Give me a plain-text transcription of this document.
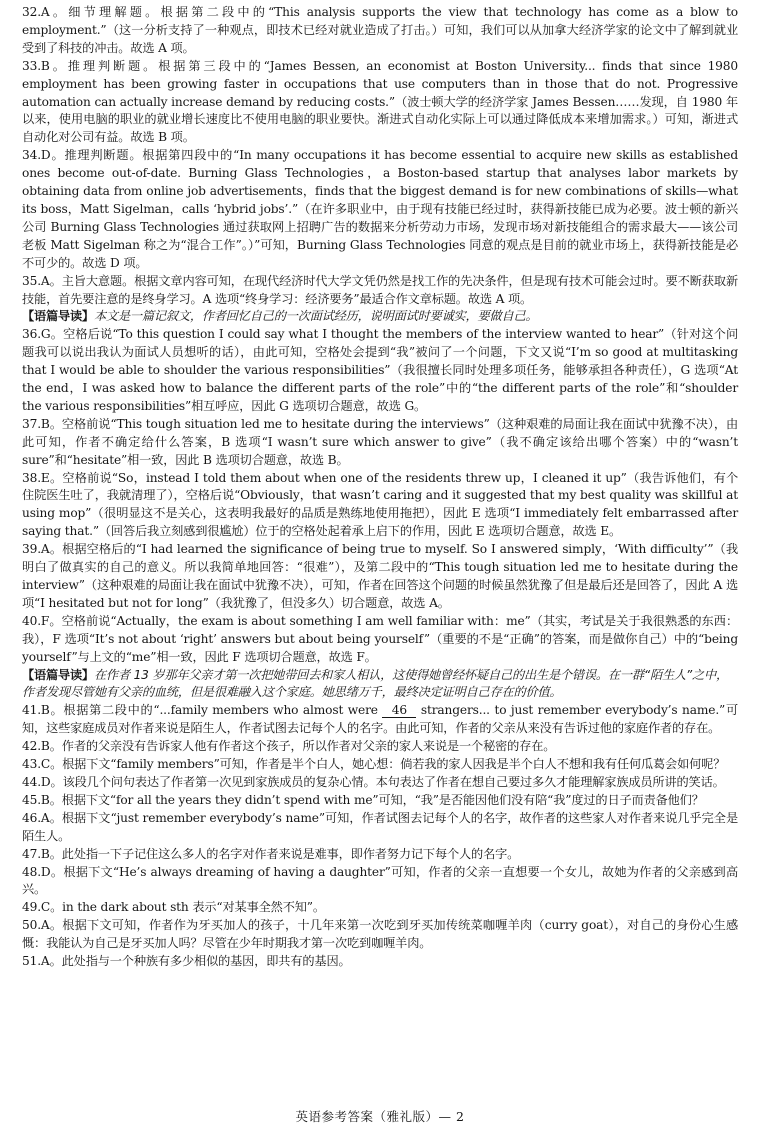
32.A。细节理解题。根据第二段中的“This analysis supports the view that technology has come as a blow to employment.”（这一分析支持了一种观点，即技术已经对就业造成了打击。）可知，我们可以从加拿大经济学家的论文中了解到就业受到了科技的冲击。故选 A 项。

33.B。推理判断题。根据第三段中的“James Bessen, an economist at Boston University... finds that since 1980 employment has been growing faster in occupations that use computers than in those that do not. Progressive automation can actually increase demand by reducing costs.”（波士顿大学的经济学家 James Bessen……发现，自 1980 年以来，使用电脑的职业的就业增长速度比不使用电脑的职业要快。渐进式自动化实际上可以通过降低成本来增加需求。）可知，渐进式自动化对公司有益。故选 B 项。

34.D。推理判断题。根据第四段中的“In many occupations it has become essential to acquire new skills as established ones become out-of-date. Burning Glass Technologies，a Boston-based startup that analyses labor markets by obtaining data from online job advertisements，finds that the biggest demand is for new combinations of skills—what its boss，Matt Sigelman，calls ‘hybrid jobs’.”（在许多职业中，由于现有技能已经过时，获得新技能已成为必要。波士顿的新兴公司 Burning Glass Technologies 通过获取网上招聘广告的数据来分析劳动力市场，发现市场对新技能组合的需求最大——该公司老板 Matt Sigelman 称之为“混合工作”。）”可知，Burning Glass Technologies 同意的观点是目前的就业市场上，获得新技能是必不可少的。故选 D 项。

35.A。主旨大意题。根据文章内容可知，在现代经济时代大学文凭仍然是找工作的先决条件，但是现有技术可能会过时。要不断获取新技能，首先要注意的是终身学习。A 选项“终身学习：经济要务”最适合作文章标题。故选 A 项。

【语篇导读】本文是一篇记叙文，作者回忆自己的一次面试经历，说明面试时要诚实，要做自己。

36.G。空格后说“To this question I could say what I thought the members of the interview wanted to hear”（针对这个问题我可以说出我认为面试人员想听的话），由此可知，空格处会提到“我”被问了一个问题，下文又说“I’m so good at multitasking that I would be able to shoulder the various responsibilities”（我很擅长同时处理多项任务，能够承担各种责任），G 选项“At the end，I was asked how to balance the different parts of the role”中的“the different parts of the role”和“shoulder the various responsibilities”相互呼应，因此 G 选项切合题意，故选 G。

37.B。空格前说“This tough situation led me to hesitate during the interviews”（这种艰难的局面让我在面试中犹豫不决），由此可知，作者不确定给什么答案，B 选项“I wasn’t sure which answer to give”（我不确定该给出哪个答案）中的“wasn’t sure”和“hesitate”相一致，因此 B 选项切合题意，故选 B。

38.E。空格前说“So，instead I told them about when one of the residents threw up，I cleaned it up”（我告诉他们，有个住院医生吐了，我就清理了），空格后说“Obviously，that wasn’t caring and it suggested that my best quality was skillful at using mop”（很明显这不是关心，这表明我最好的品质是熟练地使用拖把），因此 E 选项“I immediately felt embarrassed after saying that.”（回答后我立刻感到很尴尬）位于的空格处起着承上启下的作用，因此 E 选项切合题意，故选 E。

39.A。根据空格后的“I had learned the significance of being true to myself. So I answered simply，‘With difficulty’”（我明白了做真实的自己的意义。所以我简单地回答：“很难”），及第二段中的“This tough situation led me to hesitate during the interview”（这种艰难的局面让我在面试中犹豫不决），可知，作者在回答这个问题的时候虽然犹豫了但是最后还是回答了，因此 A 选项“I hesitated but not for long”（我犹豫了，但没多久）切合题意，故选 A。

40.F。空格前说“Actually，the exam is about something I am well familiar with：me”（其实，考试是关于我很熟悉的东西：我），F 选项“It’s not about ‘right’ answers but about being yourself”（重要的不是“正确”的答案，而是做你自己）中的“being yourself”与上文的“me”相一致，因此 F 选项切合题意，故选 F。

【语篇导读】在作者 13 岁那年父亲才第一次把她带回去和家人相认，这使得她曾经怀疑自己的出生是个错误。在一群“陌生人”之中，作者发现尽管她有父亲的血统，但是很难融入这个家庭。她思绪万千，最终决定证明自己存在的价值。

41.B。根据第二段中的“...family members who almost were 46 strangers... to just remember everybody’s name.”可知，这些家庭成员对作者来说是陌生人，作者试图去记每个人的名字。由此可知，作者的父亲从来没有告诉过他的家庭作者的存在。

42.B。作者的父亲没有告诉家人他有作者这个孩子，所以作者对父亲的家人来说是一个秘密的存在。

43.C。根据下文“family members”可知，作者是半个白人，她心想：倘若我的家人因我是半个白人不想和我有任何瓜葛会如何呢？

44.D。该段几个问句表达了作者第一次见到家族成员的复杂心情。本句表达了作者在想自己要过多久才能理解家族成员所讲的笑话。

45.B。根据下文“for all the years they didn’t spend with me”可知，“我”是否能因他们没有陪“我”度过的日子而责备他们？

46.A。根据下文“just remember everybody’s name”可知，作者试图去记每个人的名字，故作者的这些家人对作者来说几乎完全是陌生人。

47.B。此处指一下子记住这么多人的名字对作者来说是难事，即作者努力记下每个人的名字。

48.D。根据下文“He’s always dreaming of having a daughter”可知，作者的父亲一直想要一个女儿，故她为作者的父亲感到高兴。

49.C。in the dark about sth 表示“对某事全然不知”。

50.A。根据下文可知，作者作为牙买加人的孩子，十几年来第一次吃到牙买加传统菜咖喱羊肉（curry goat），对自己的身份心生感慨：我能认为自己是牙买加人吗？尽管在少年时期我才第一次吃到咖喱羊肉。

51.A。此处指与一个种族有多少相似的基因，即共有的基因。

英语参考答案（雅礼版）— 2
